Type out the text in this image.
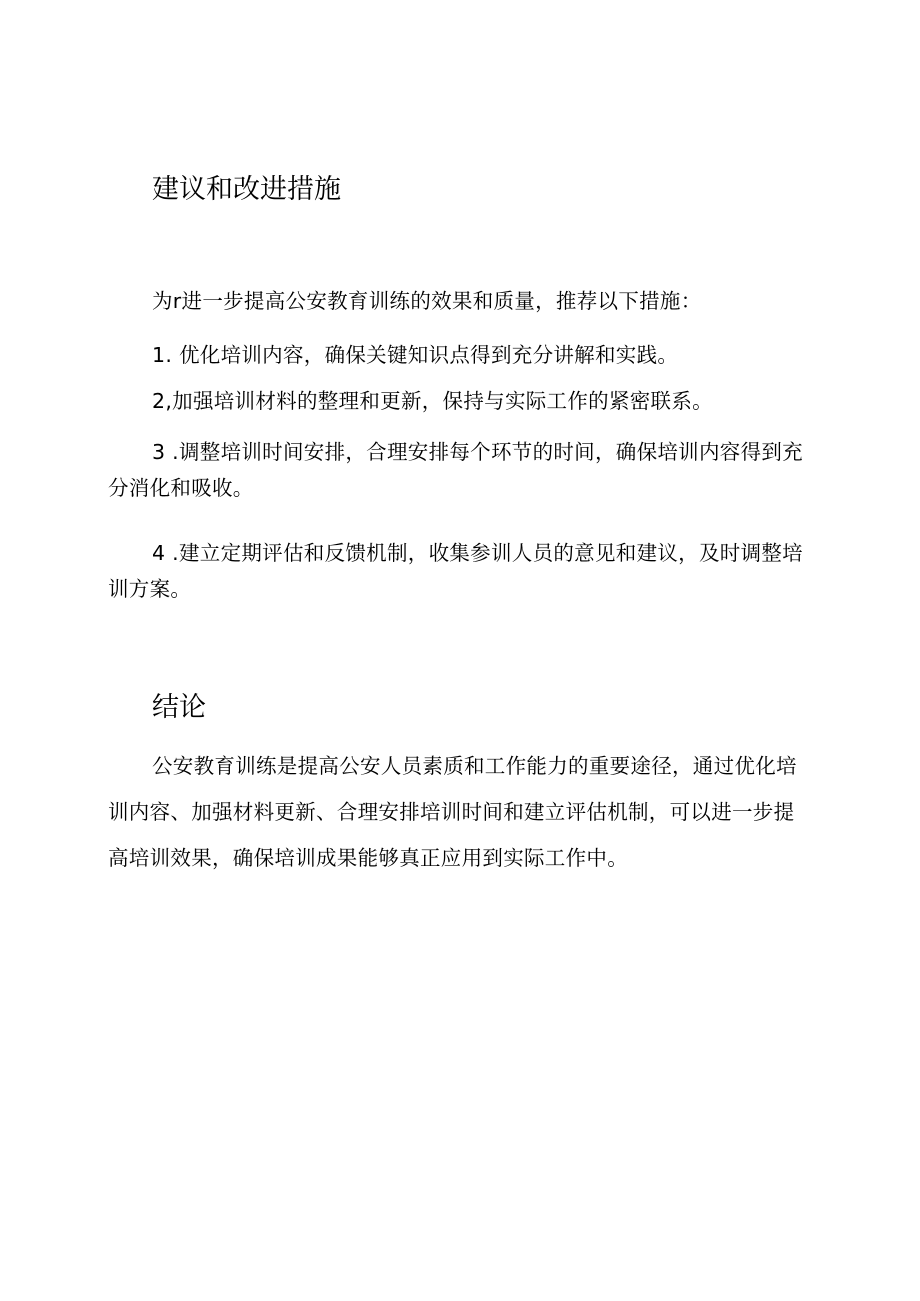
建议和改进措施

为r进一步提高公安教育训练的效果和质量，推荐以下措施：

1. 优化培训内容，确保关键知识点得到充分讲解和实践。

2,加强培训材料的整理和更新，保持与实际工作的紧密联系。

3 .调整培训时间安排，合理安排每个环节的时间，确保培训内容得到充分消化和吸收。

4 .建立定期评估和反馈机制，收集参训人员的意见和建议，及时调整培训方案。

结论

公安教育训练是提高公安人员素质和工作能力的重要途径，通过优化培训内容、加强材料更新、合理安排培训时间和建立评估机制，可以进一步提高培训效果，确保培训成果能够真正应用到实际工作中。
